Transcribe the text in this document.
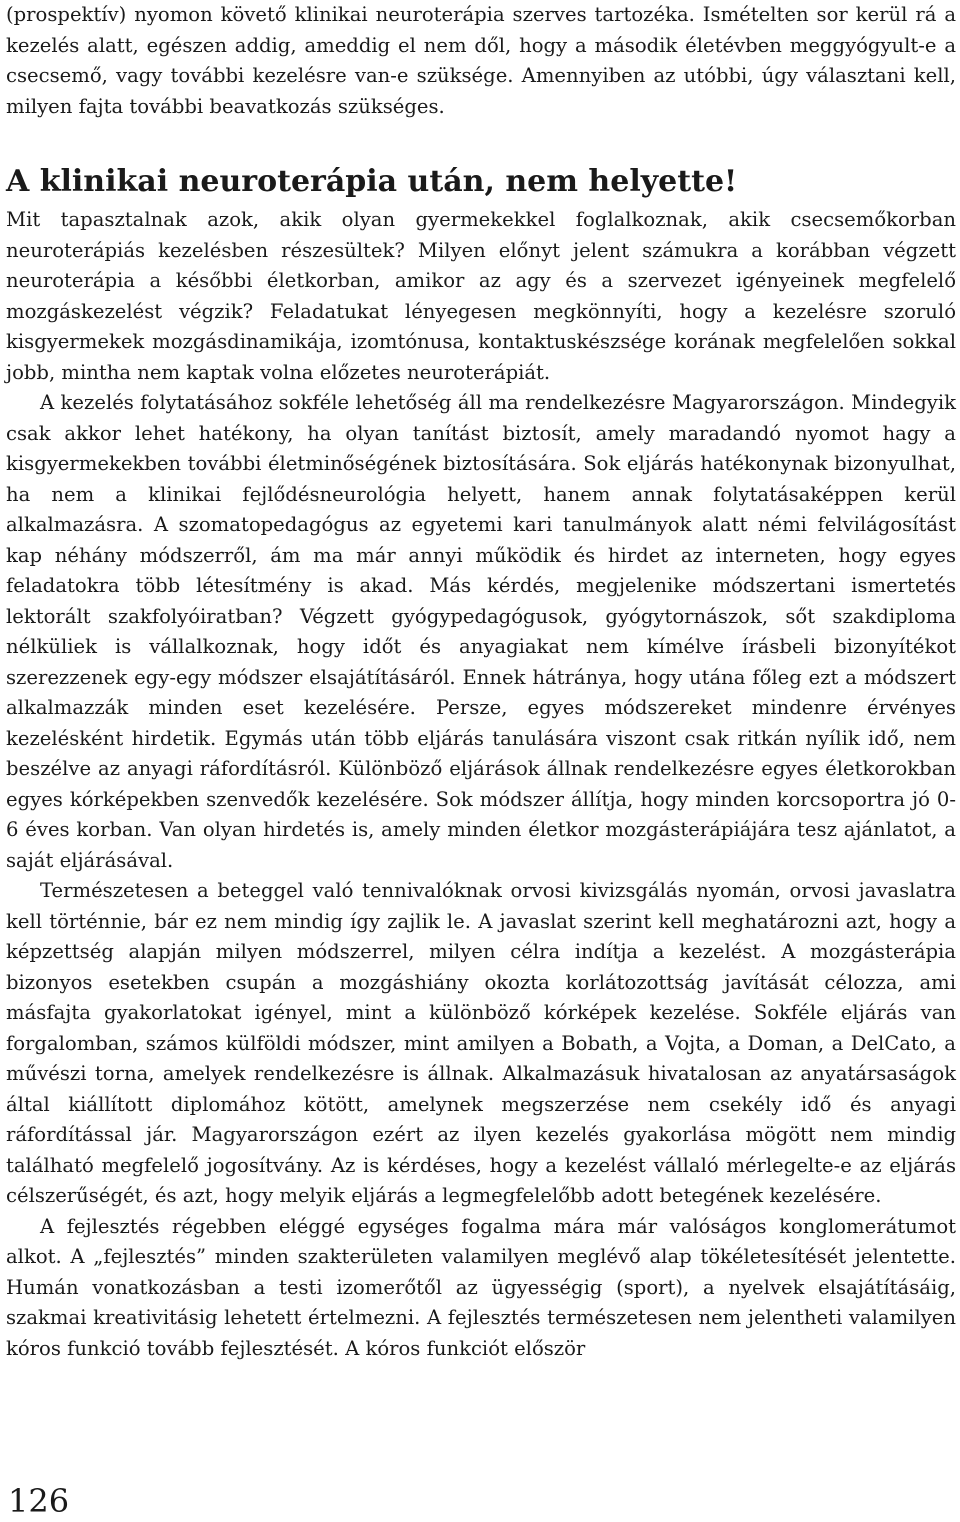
(prospektív) nyomon követő klinikai neuroterápia szerves tartozéka. Ismételten sor kerül rá a kezelés alatt, egészen addig, ameddig el nem dől, hogy a második életévben meggyógyult-e a csecsemő, vagy további kezelésre van-e szüksége. Amennyiben az utóbbi, úgy választani kell, milyen fajta további beavatkozás szükséges.

A klinikai neuroterápia után, nem helyette!

Mit tapasztalnak azok, akik olyan gyermekekkel foglalkoznak, akik csecsemőkorban neuroterápiás kezelésben részesültek? Milyen előnyt jelent számukra a korábban végzett neuroterápia a későbbi életkorban, amikor az agy és a szervezet igényeinek megfelelő mozgáskezelést végzik? Feladatukat lényegesen megkönnyíti, hogy a kezelésre szoruló kisgyermekek mozgásdinamikája, izomtónusa, kontaktuskészsége korának megfelelően sokkal jobb, mintha nem kaptak volna előzetes neuroterápiát.

A kezelés folytatásához sokféle lehetőség áll ma rendelkezésre Magyarországon. Mindegyik csak akkor lehet hatékony, ha olyan tanítást biztosít, amely maradandó nyomot hagy a kisgyermekekben további életminőségének biztosítására. Sok eljárás hatékonynak bizonyulhat, ha nem a klinikai fejlődésneurológia helyett, hanem annak folytatásaképpen kerül alkalmazásra. A szomatopedagógus az egyetemi kari tanulmányok alatt némi felvilágosítást kap néhány módszerről, ám ma már annyi működik és hirdet az interneten, hogy egyes feladatokra több létesítmény is akad. Más kérdés, megjelenike módszertani ismertetés lektorált szakfolyóiratban? Végzett gyógypedagógusok, gyógytornászok, sőt szakdiploma nélküliek is vállalkoznak, hogy időt és anyagiakat nem kímélve írásbeli bizonyítékot szerezzenek egy-egy módszer elsajátításáról. Ennek hátránya, hogy utána főleg ezt a módszert alkalmazzák minden eset kezelésére. Persze, egyes módszereket mindenre érvényes kezelésként hirdetik. Egymás után több eljárás tanulására viszont csak ritkán nyílik idő, nem beszélve az anyagi ráfordításról. Különböző eljárások állnak rendelkezésre egyes életkorokban egyes kórképekben szenvedők kezelésére. Sok módszer állítja, hogy minden korcsoportra jó 0- 6 éves korban. Van olyan hirdetés is, amely minden életkor mozgásterápiájára tesz ajánlatot, a saját eljárásával.

Természetesen a beteggel való tennivalóknak orvosi kivizsgálás nyomán, orvosi javaslatra kell történnie, bár ez nem mindig így zajlik le. A javaslat szerint kell meghatározni azt, hogy a képzettség alapján milyen módszerrel, milyen célra indítja a kezelést. A mozgásterápia bizonyos esetekben csupán a mozgáshiány okozta korlátozottság javítását célozza, ami másfajta gyakorlatokat igényel, mint a különböző kórképek kezelése. Sokféle eljárás van forgalomban, számos külföldi módszer, mint amilyen a Bobath, a Vojta, a Doman, a DelCato, a művészi torna, amelyek rendelkezésre is állnak. Alkalmazásuk hivatalosan az anyatársaságok által kiállított diplomához kötött, amelynek megszerzése nem csekély idő és anyagi ráfordítással jár. Magyarországon ezért az ilyen kezelés gyakorlása mögött nem mindig található megfelelő jogosítvány. Az is kérdéses, hogy a kezelést vállaló mérlegelte-e az eljárás célszerűségét, és azt, hogy melyik eljárás a legmegfelelőbb adott betegének kezelésére.

A fejlesztés régebben eléggé egységes fogalma mára már valóságos konglomerátumot alkot. A „fejlesztés” minden szakterületen valamilyen meglévő alap tökéletesítését jelentette. Humán vonatkozásban a testi izomerőtől az ügyességig (sport), a nyelvek elsajátításáig, szakmai kreativitásig lehetett értelmezni. A fejlesztés természetesen nem jelentheti valamilyen kóros funkció tovább fejlesztését. A kóros funkciót először

126
